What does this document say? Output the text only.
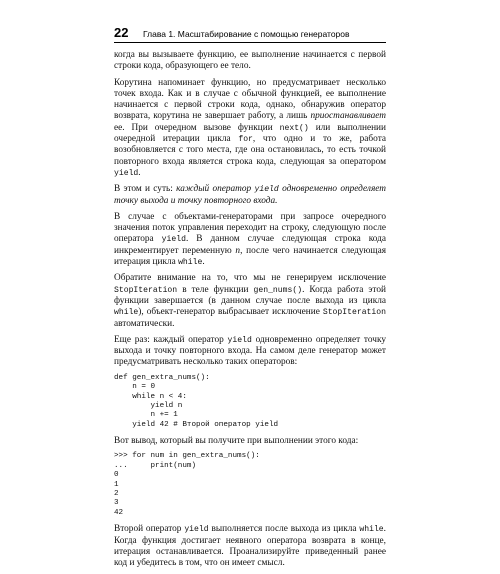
22 Глава 1. Масштабирование с помощью генераторов

когда вы вызываете функцию, ее выполнение начинается с первой строки кода, образующего ее тело.

Корутина напоминает функцию, но предусматривает несколько точек входа. Как и в случае с обычной функцией, ее выполнение начинается с первой строки кода, однако, обнаружив оператор возврата, корутина не завершает работу, а лишь приостанавливает ее. При очередном вызове функции next() или выполнении очередной итерации цикла for, что одно и то же, работа возобновляется с того места, где она остановилась, то есть точкой повторного входа является строка кода, следующая за оператором yield.

В этом и суть: каждый оператор yield одновременно определяет точку выхода и точку повторного входа.

В случае с объектами-генераторами при запросе очередного значения поток управления переходит на строку, следующую после оператора yield. В данном случае следующая строка кода инкрементирует переменную n, после чего начинается следующая итерация цикла while.

Обратите внимание на то, что мы не генерируем исключение StopIteration в теле функции gen_nums(). Когда работа этой функции завершается (в данном случае после выхода из цикла while), объект-генератор выбрасывает исключение StopIteration автоматически.

Еще раз: каждый оператор yield одновременно определяет точку выхода и точку повторного входа. На самом деле генератор может предусматривать несколько таких операторов:

def gen_extra_nums():
n = 0
while n < 4:
yield n
n += 1
yield 42 # Второй оператор yield

Вот вывод, который вы получите при выполнении этого кода:

>>> for num in gen_extra_nums():
...     print(num)
0
1
2
3
42

Второй оператор yield выполняется после выхода из цикла while. Когда функция достигает неявного оператора возврата в конце, итерация останавливается. Проанализируйте приведенный ранее код и убедитесь в том, что он имеет смысл.
